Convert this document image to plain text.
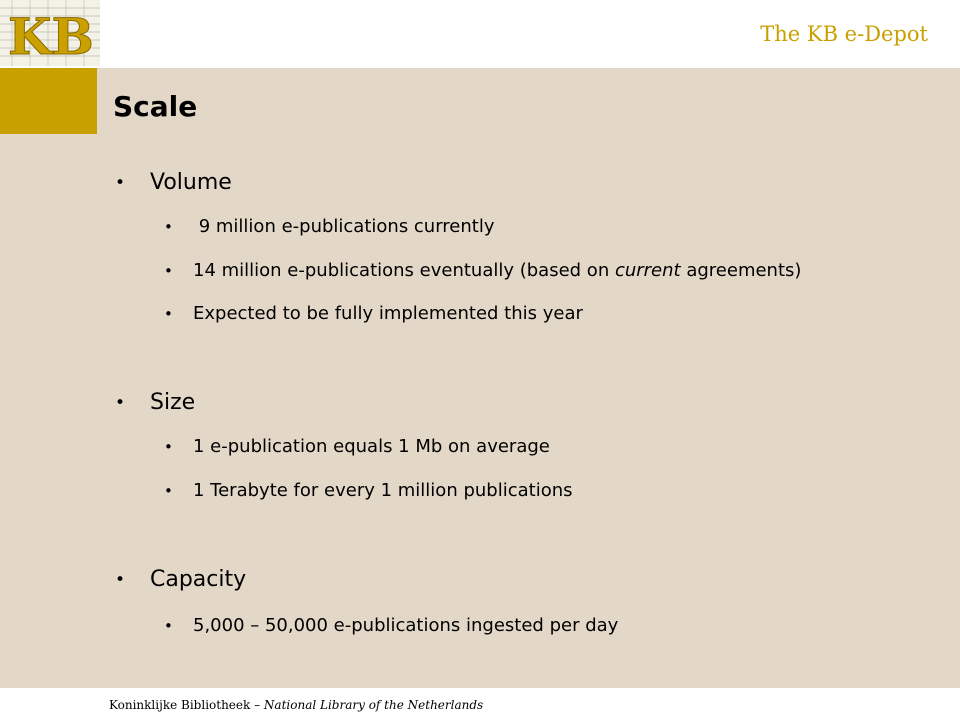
KB	The KB e-Depot
Scale
• Volume
• 9 million e-publications currently
• 14 million e-publications eventually (based on current agreements)
• Expected to be fully implemented this year
• Size
• 1 e-publication equals 1 Mb on average
• 1 Terabyte for every 1 million publications
• Capacity
• 5,000 – 50,000 e-publications ingested per day
Koninklijke Bibliotheek – National Library of the Netherlands
